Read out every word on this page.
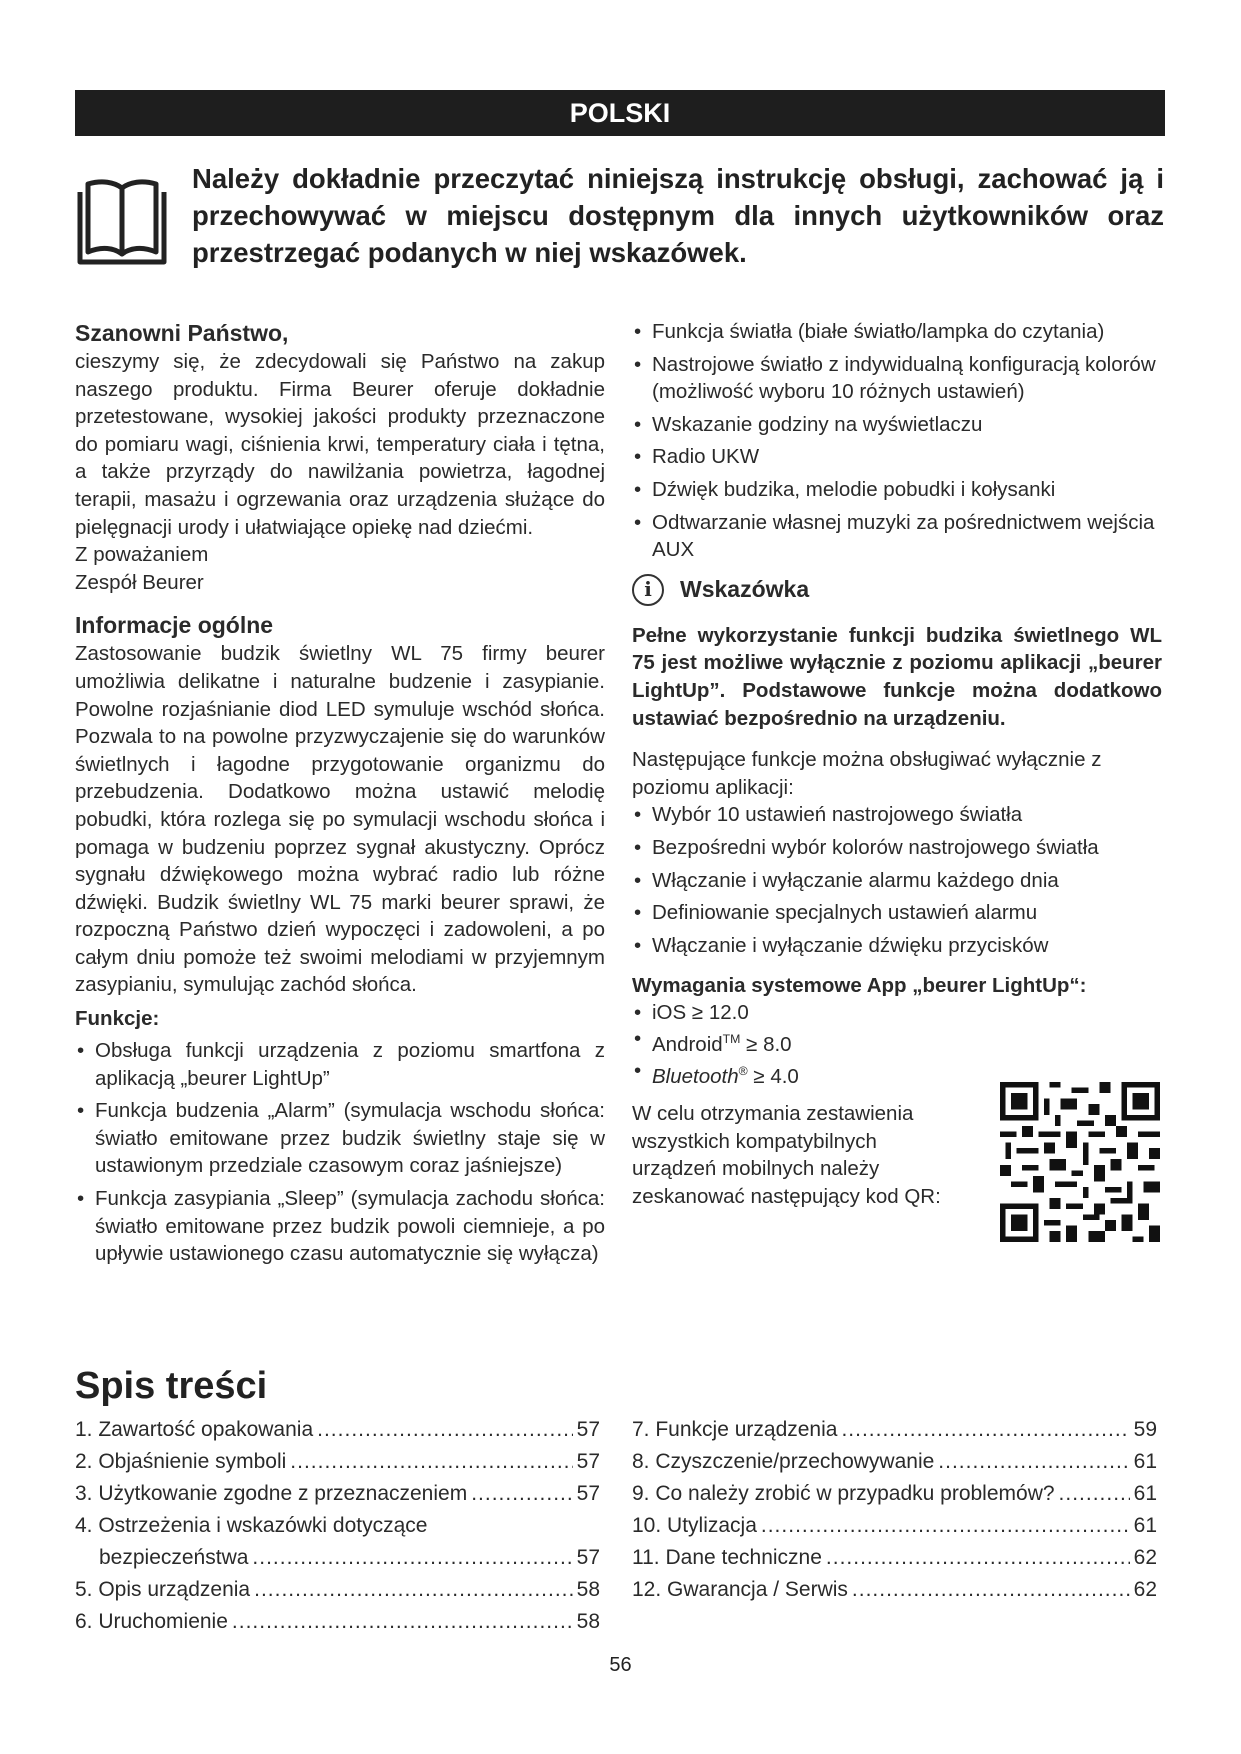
POLSKI
Należy dokładnie przeczytać niniejszą instrukcję obsługi, zachować ją i przechowywać w miejscu dostępnym dla innych użytkowników oraz przestrzegać podanych w niej wskazówek.
Szanowni Państwo,

cieszymy się, że zdecydowali się Państwo na zakup naszego produktu. Firma Beurer oferuje dokładnie przetestowane, wysokiej jakości produkty przeznaczone do pomiaru wagi, ciśnienia krwi, temperatury ciała i tętna, a także przyrządy do nawilżania powietrza, łagodnej terapii, masażu i ogrzewania oraz urządzenia służące do pielęgnacji urody i ułatwiające opiekę nad dziećmi.

Z poważaniem

Zespół Beurer

Informacje ogólne

Zastosowanie budzik świetlny WL 75 firmy beurer umożliwia delikatne i naturalne budzenie i zasypianie. Powolne rozjaśnianie diod LED symuluje wschód słońca. Pozwala to na powolne przyzwyczajenie się do warunków świetlnych i łagodne przygotowanie organizmu do przebudzenia. Dodatkowo można ustawić melodię pobudki, która rozlega się po symulacji wschodu słońca i pomaga w budzeniu poprzez sygnał akustyczny. Oprócz sygnału dźwiękowego można wybrać radio lub różne dźwięki. Budzik świetlny WL 75 marki beurer sprawi, że rozpoczną Państwo dzień wypoczęci i zadowoleni, a po całym dniu pomoże też swoimi melodiami w przyjemnym zasypianiu, symulując zachód słońca.

Funkcje:
• Obsługa funkcji urządzenia z poziomu smartfona z aplikacją „beurer LightUp”
• Funkcja budzenia „Alarm” (symulacja wschodu słońca: światło emitowane przez budzik świetlny staje się w ustawionym przedziale czasowym coraz jaśniejsze)
• Funkcja zasypiania „Sleep” (symulacja zachodu słońca: światło emitowane przez budzik powoli ciemnieje, a po upływie ustawionego czasu automatycznie się wyłącza)
• Funkcja światła (białe światło/lampka do czytania)
• Nastrojowe światło z indywidualną konfiguracją kolorów (możliwość wyboru 10 różnych ustawień)
• Wskazanie godziny na wyświetlaczu
• Radio UKW
• Dźwięk budzika, melodie pobudki i kołysanki
• Odtwarzanie własnej muzyki za pośrednictwem wejścia AUX
i	Wskazówka

Pełne wykorzystanie funkcji budzika świetlnego WL 75 jest możliwe wyłącznie z poziomu aplikacji „beurer LightUp”. Podstawowe funkcje można dodatkowo ustawiać bezpośrednio na urządzeniu.

Następujące funkcje można obsługiwać wyłącznie z poziomu aplikacji:

• Wybór 10 ustawień nastrojowego światła
• Bezpośredni wybór kolorów nastrojowego światła
• Włączanie i wyłączanie alarmu każdego dnia
• Definiowanie specjalnych ustawień alarmu
• Włączanie i wyłączanie dźwięku przycisków
Wymagania systemowe App „beurer LightUp“:
• iOS ≥ 12.0
• Android™ ≥ 8.0
• Bluetooth® ≥ 4.0

W celu otrzymania zestawienia wszystkich kompatybilnych urządzeń mobilnych należy zeskanować następujący kod QR:

Spis treści
1. Zawartość opakowania .....	57
2. Objaśnienie symboli .....	57
3. Użytkowanie zgodne z przeznaczeniem .....	57
4. Ostrzeżenia i wskazówki dotyczące
bezpieczeństwa .....	57
5. Opis urządzenia .....	58
6. Uruchomienie .....	58
7. Funkcje urządzenia .....	59
8. Czyszczenie/przechowywanie .....	61
9. Co należy zrobić w przypadku problemów? .....	61
10. Utylizacja .....	61
11. Dane techniczne .....	62
12. Gwarancja / Serwis .....	62
56
